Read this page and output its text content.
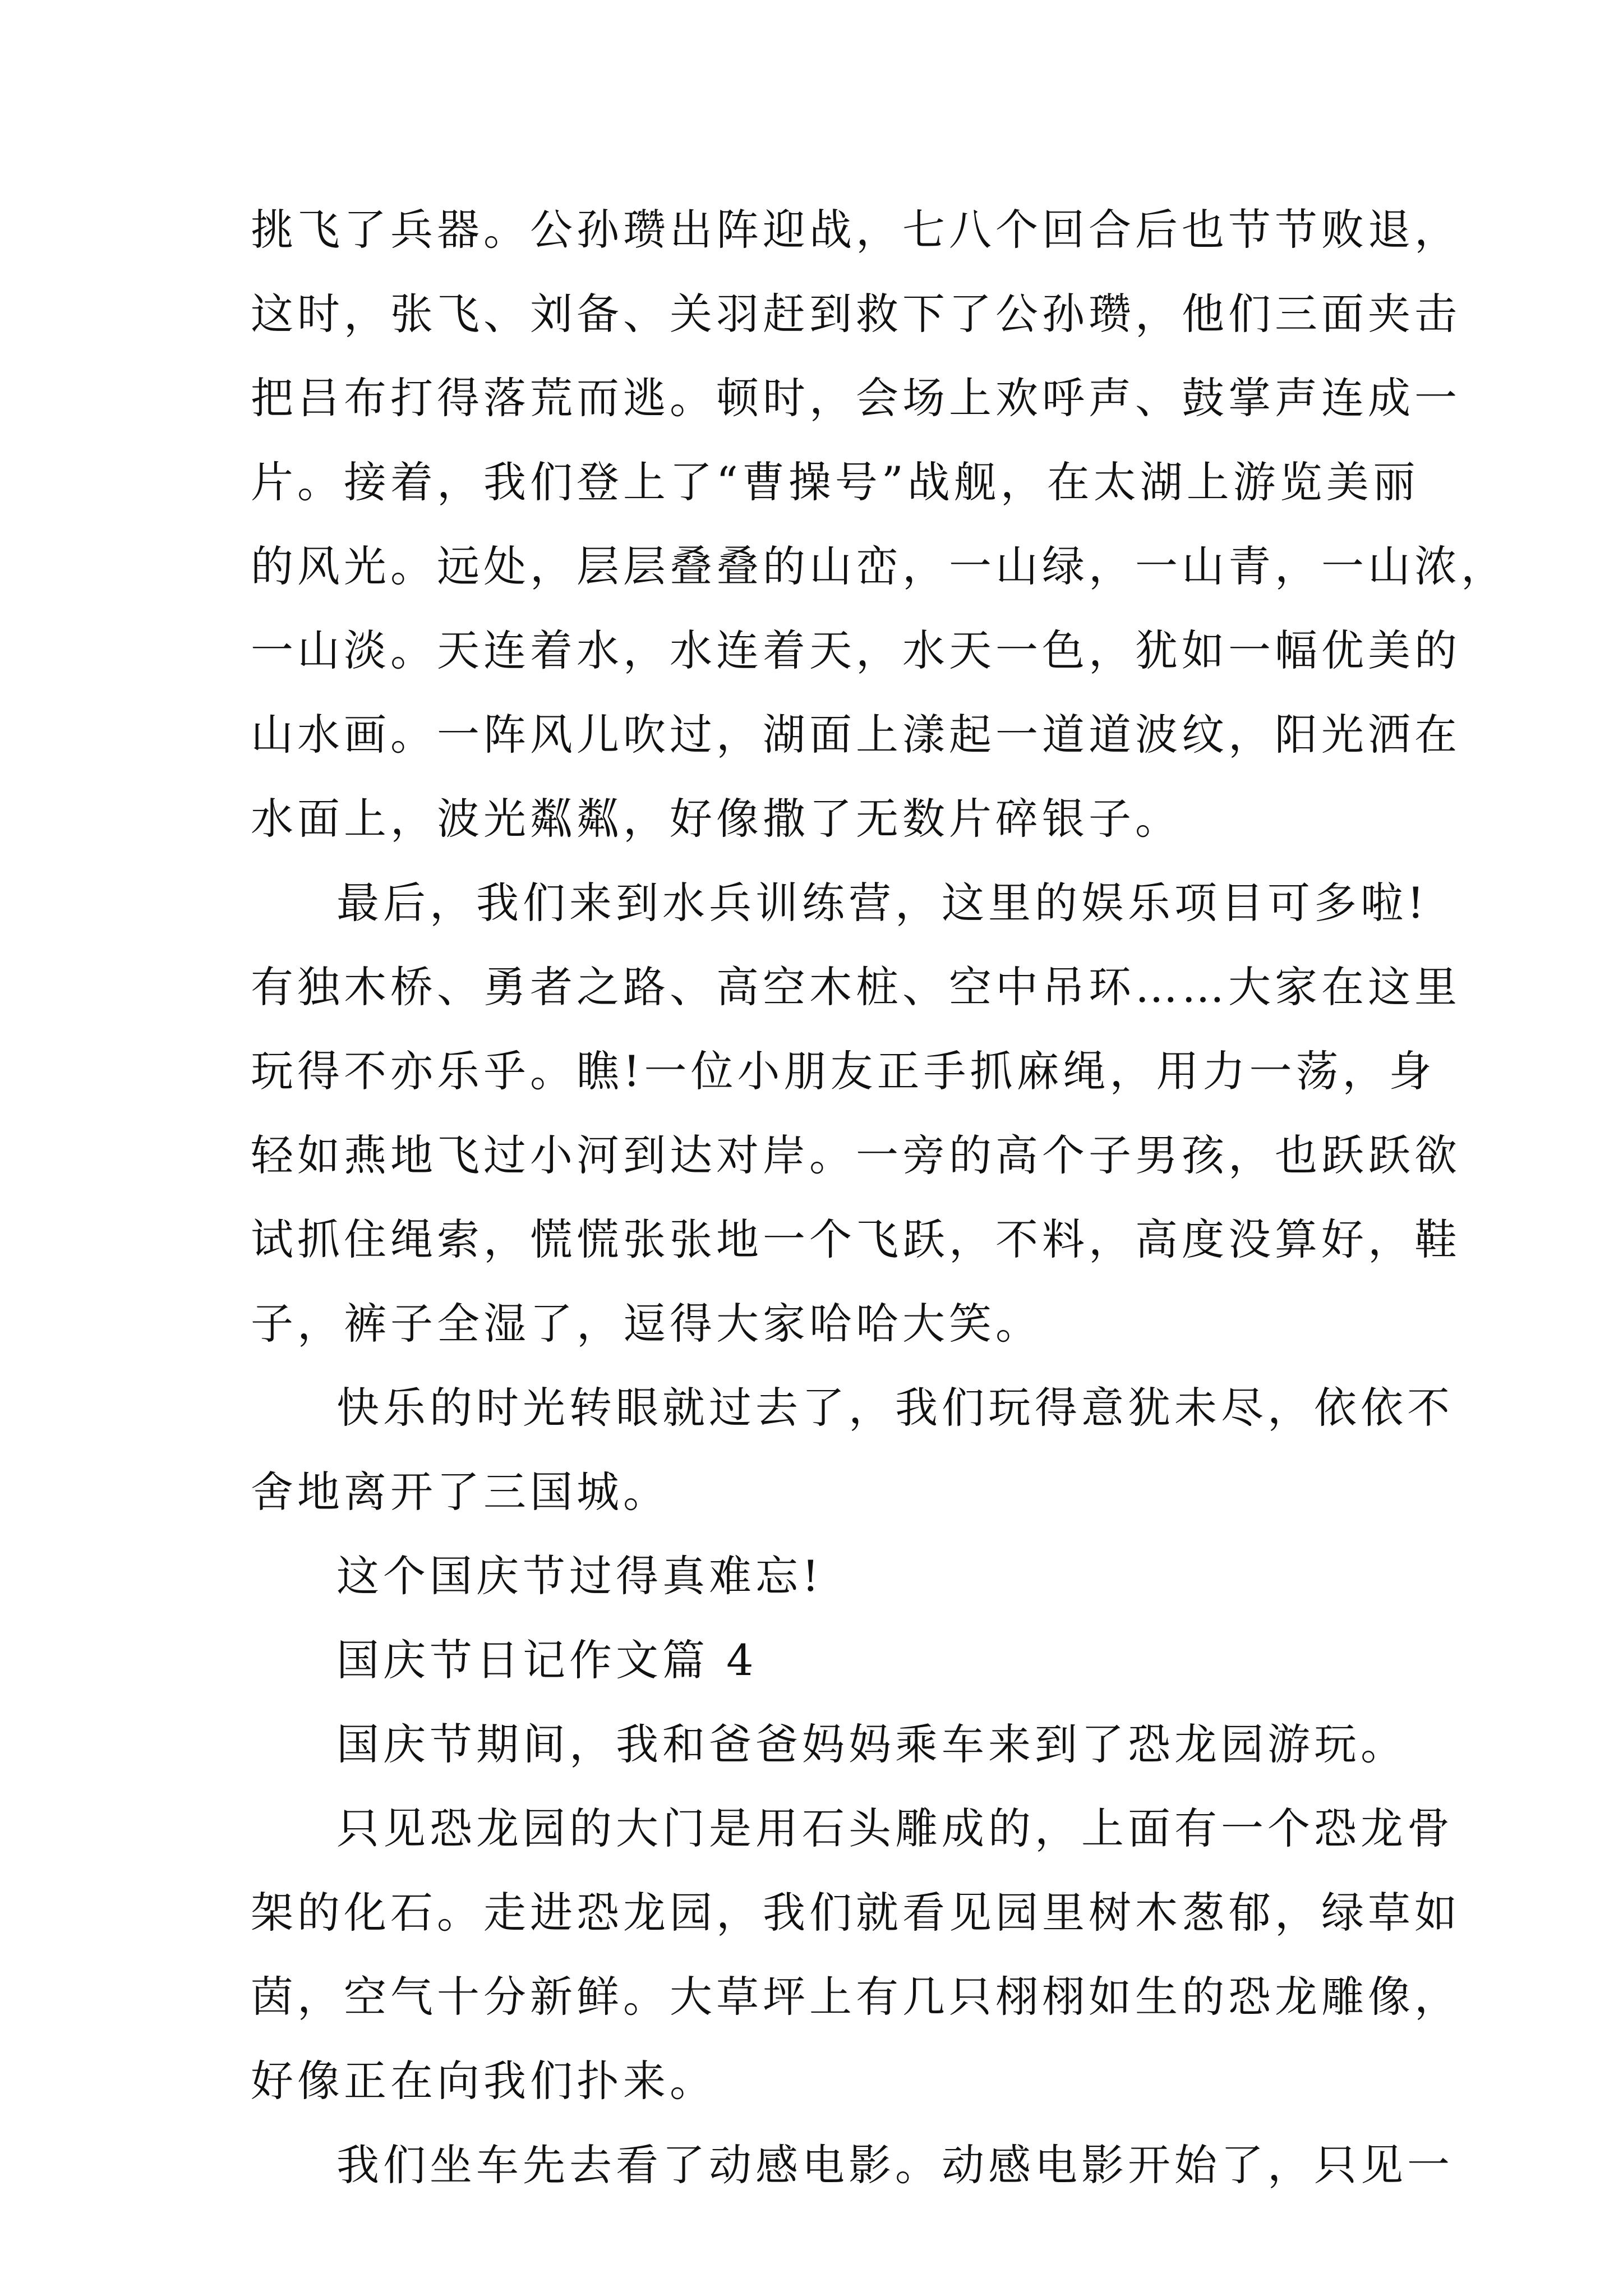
挑飞了兵器。公孙瓒出阵迎战，七八个回合后也节节败退，
这时，张飞、刘备、关羽赶到救下了公孙瓒，他们三面夹击
把吕布打得落荒而逃。顿时，会场上欢呼声、鼓掌声连成一
片。接着，我们登上了“曹操号”战舰，在太湖上游览美丽
的风光。远处，层层叠叠的山峦，一山绿，一山青，一山浓，
一山淡。天连着水，水连着天，水天一色，犹如一幅优美的
山水画。一阵风儿吹过，湖面上漾起一道道波纹，阳光洒在
水面上，波光粼粼，好像撒了无数片碎银子。
最后，我们来到水兵训练营，这里的娱乐项目可多啦!
有独木桥、勇者之路、高空木桩、空中吊环……大家在这里
玩得不亦乐乎。瞧!一位小朋友正手抓麻绳，用力一荡，身
轻如燕地飞过小河到达对岸。一旁的高个子男孩，也跃跃欲
试抓住绳索，慌慌张张地一个飞跃，不料，高度没算好，鞋
子，裤子全湿了，逗得大家哈哈大笑。
快乐的时光转眼就过去了，我们玩得意犹未尽，依依不
舍地离开了三国城。
这个国庆节过得真难忘!
国庆节日记作文篇 4
国庆节期间，我和爸爸妈妈乘车来到了恐龙园游玩。
只见恐龙园的大门是用石头雕成的，上面有一个恐龙骨
架的化石。走进恐龙园，我们就看见园里树木葱郁，绿草如
茵，空气十分新鲜。大草坪上有几只栩栩如生的恐龙雕像，
好像正在向我们扑来。
我们坐车先去看了动感电影。动感电影开始了，只见一
